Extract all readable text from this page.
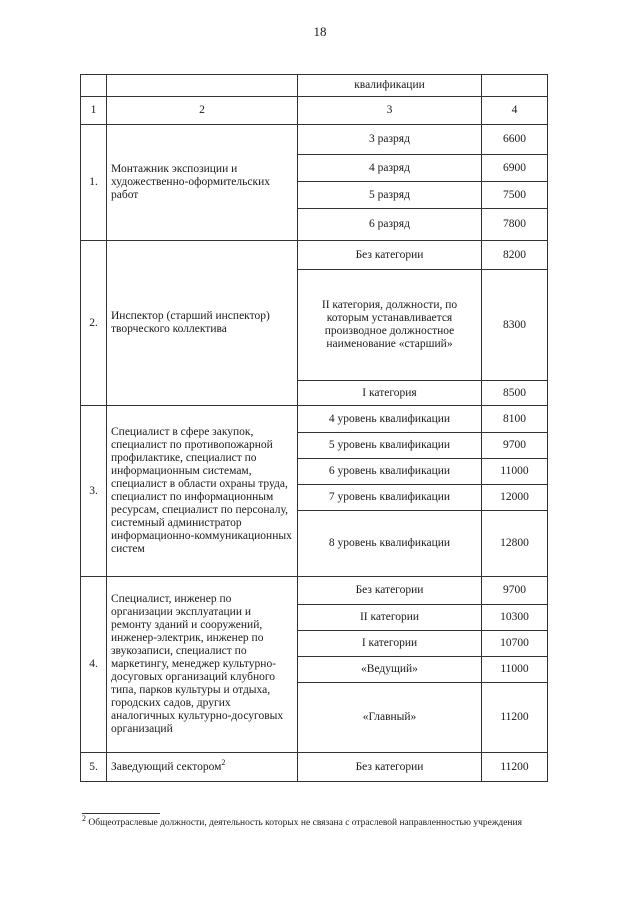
18
		квалификации	
1	2	3	4
1.	Монтажник экспозиции и художественно-оформительских работ	3 разряд	6600
		4 разряд	6900
		5 разряд	7500
		6 разряд	7800
2.	Инспектор (старший инспектор) творческого коллектива	Без категории	8200
		II категория, должности, по которым устанавливается производное должностное наименование «старший»	8300
		I категория	8500
3.	Специалист в сфере закупок, специалист по противопожарной профилактике, специалист по информационным системам, специалист в области охраны труда, специалист по информационным ресурсам, специалист по персоналу, системный администратор информационно-коммуникационных систем	4 уровень квалификации	8100
		5 уровень квалификации	9700
		6 уровень квалификации	11000
		7 уровень квалификации	12000
		8 уровень квалификации	12800
4.	Специалист, инженер по организации эксплуатации и ремонту зданий и сооружений, инженер-электрик, инженер по звукозаписи, специалист по маркетингу, менеджер культурно-досуговых организаций клубного типа, парков культуры и отдыха, городских садов, других аналогичных культурно-досуговых организаций	Без категории	9700
		II категории	10300
		I категории	10700
		«Ведущий»	11000
		«Главный»	11200
5.	Заведующий сектором$^2$	Без категории	11200
$^2$ Общеотраслевые должности, деятельность которых не связана с отраслевой направленностью учреждения
